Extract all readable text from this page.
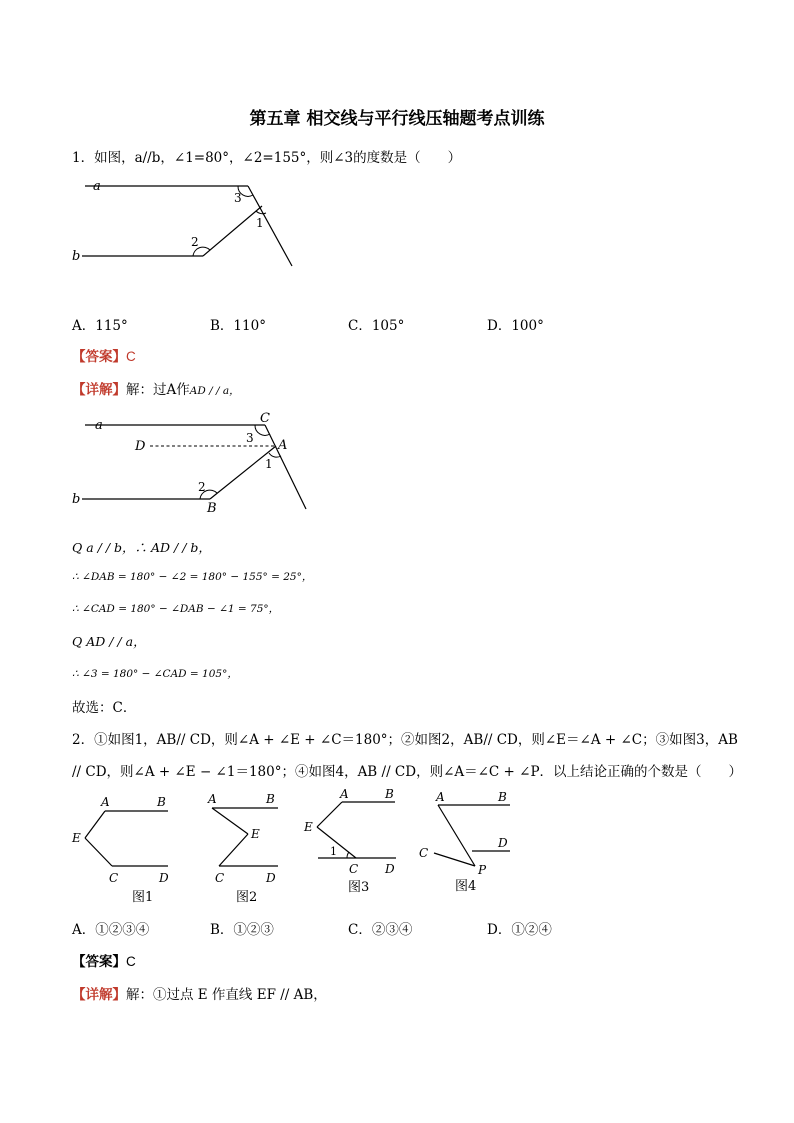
第五章 相交线与平行线压轴题考点训练
1．如图，a//b，∠1=80°，∠2=155°，则∠3的度数是（　　）
a
b
3
1
2
A．115°	B．110°	C．105°	D．100°
【答案】C
【详解】解：过A作AD / / a，
a
b
C
D	A
B
3
1
2
Q a / / b，∴ AD / / b，
∴ ∠DAB = 180° − ∠2 = 180° − 155° = 25°，
∴ ∠CAD = 180° − ∠DAB − ∠1 = 75°，
Q AD / / a，
∴ ∠3 = 180° − ∠CAD = 105°，
故选：C．
2．①如图1，AB// CD，则∠A + ∠E + ∠C＝180°；②如图2，AB// CD，则∠E＝∠A + ∠C；③如图3，AB
// CD，则∠A + ∠E − ∠1＝180°；④如图4，AB // CD，则∠A＝∠C + ∠P．以上结论正确的个数是（　　）
A	B
E
C	D
图1
A	B
E
C	D
图2
A	B
E
1
C D
图3
A	B
C
D
P
图4
A．①②③④	B．①②③	C．②③④	D．①②④
【答案】C
【详解】解：①过点 E 作直线 EF // AB，
